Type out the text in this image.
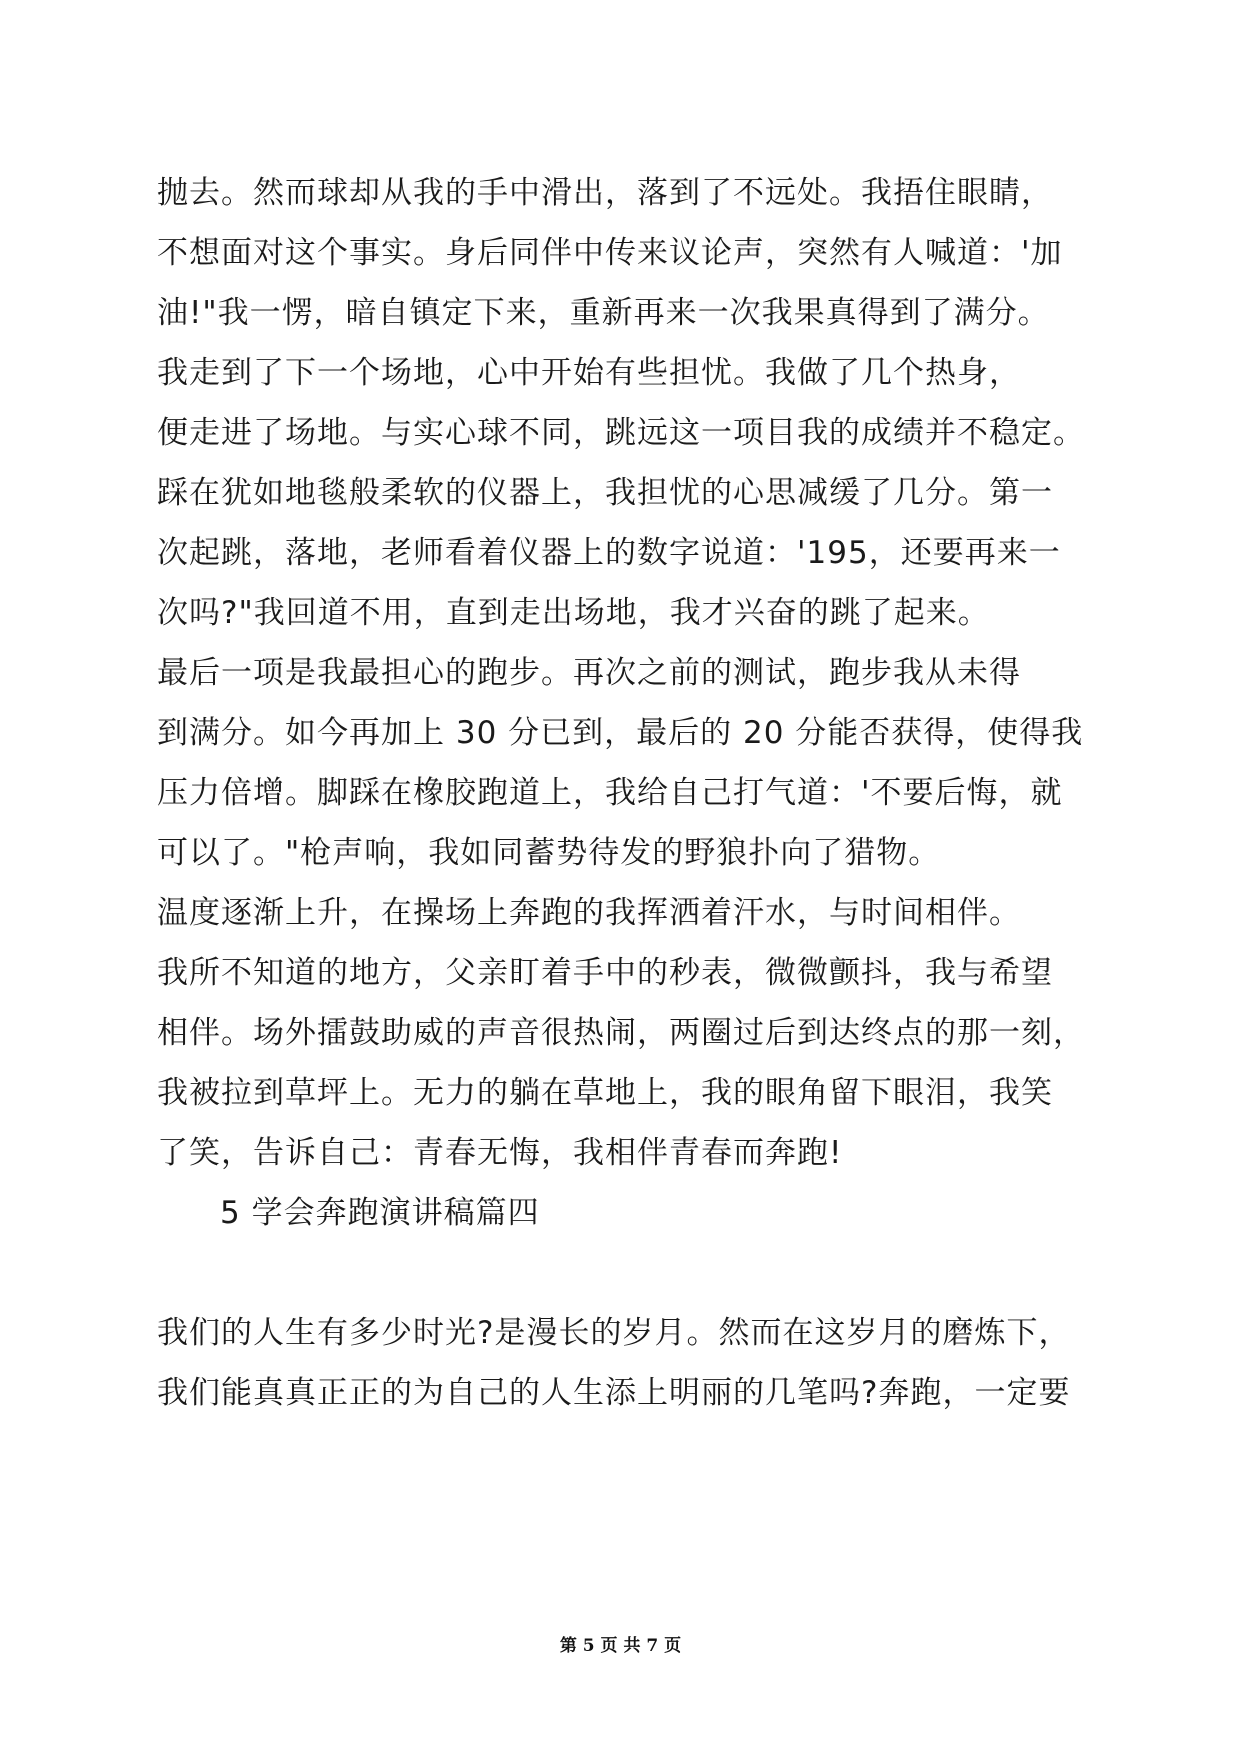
抛去。然而球却从我的手中滑出，落到了不远处。我捂住眼睛，
不想面对这个事实。身后同伴中传来议论声，突然有人喊道：'加
油!"我一愣，暗自镇定下来，重新再来一次我果真得到了满分。
我走到了下一个场地，心中开始有些担忧。我做了几个热身，
便走进了场地。与实心球不同，跳远这一项目我的成绩并不稳定。
踩在犹如地毯般柔软的仪器上，我担忧的心思减缓了几分。第一
次起跳，落地，老师看着仪器上的数字说道：'195，还要再来一
次吗?"我回道不用，直到走出场地，我才兴奋的跳了起来。
最后一项是我最担心的跑步。再次之前的测试，跑步我从未得
到满分。如今再加上 30 分已到，最后的 20 分能否获得，使得我
压力倍增。脚踩在橡胶跑道上，我给自己打气道：'不要后悔，就
可以了。"枪声响，我如同蓄势待发的野狼扑向了猎物。
温度逐渐上升，在操场上奔跑的我挥洒着汗水，与时间相伴。
我所不知道的地方，父亲盯着手中的秒表，微微颤抖，我与希望
相伴。场外擂鼓助威的声音很热闹，两圈过后到达终点的那一刻，
我被拉到草坪上。无力的躺在草地上，我的眼角留下眼泪，我笑
了笑，告诉自己：青春无悔，我相伴青春而奔跑!
5 学会奔跑演讲稿篇四
我们的人生有多少时光?是漫长的岁月。然而在这岁月的磨炼下，
我们能真真正正的为自己的人生添上明丽的几笔吗?奔跑，一定要
第 5 页 共 7 页
